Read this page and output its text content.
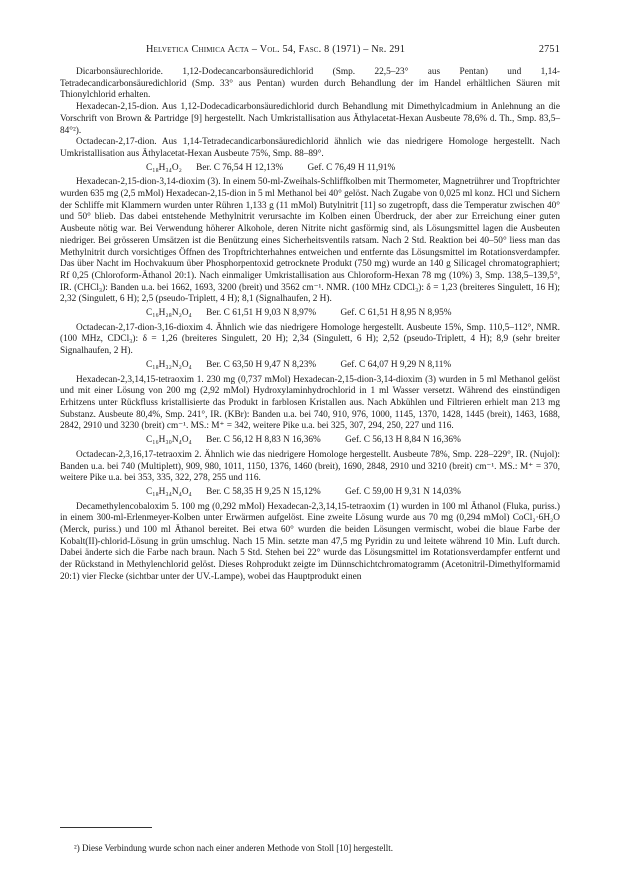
Helvetica Chimica Acta – Vol. 54, Fasc. 8 (1971) – Nr. 291	2751

Dicarbonsäurechloride. 1,12-Dodecancarbonsäuredichlorid (Smp. 22,5–23° aus Pentan) und 1,14-Tetradecandicarbonsäuredichlorid (Smp. 33° aus Pentan) wurden durch Behandlung der im Handel erhältlichen Säuren mit Thionylchlorid erhalten.

Hexadecan-2,15-dion. Aus 1,12-Dodecadicarbonsäuredichlorid durch Behandlung mit Dimethylcadmium in Anlehnung an die Vorschrift von Brown & Partridge [9] hergestellt. Nach Umkristallisation aus Äthylacetat-Hexan Ausbeute 78,6% d. Th., Smp. 83,5–84°²).

Octadecan-2,17-dion. Aus 1,14-Tetradecandicarbonsäuredichlorid ähnlich wie das niedrigere Homologe hergestellt. Nach Umkristallisation aus Äthylacetat-Hexan Ausbeute 75%, Smp. 88–89°.

C₁₈H₃₄O₂ Ber. C 76,54 H 12,13%	Gef. C 76,49 H 11,91%

Hexadecan-2,15-dion-3,14-dioxim (3). In einem 50-ml-Zweihals-Schliffkolben mit Thermometer, Magnetrührer und Tropftrichter wurden 635 mg (2,5 mMol) Hexadecan-2,15-dion in 5 ml Methanol bei 40° gelöst. Nach Zugabe von 0,025 ml konz. HCl und Sichern der Schliffe mit Klammern wurden unter Rühren 1,133 g (11 mMol) Butylnitrit [11] so zugetropft, dass die Temperatur zwischen 40° und 50° blieb. Das dabei entstehende Methylnitrit verursachte im Kolben einen Überdruck, der aber zur Erreichung einer guten Ausbeute nötig war. Bei Verwendung höherer Alkohole, deren Nitrite nicht gasförmig sind, als Lösungsmittel lagen die Ausbeuten niedriger. Bei grösseren Umsätzen ist die Benützung eines Sicherheitsventils ratsam. Nach 2 Std. Reaktion bei 40–50° liess man das Methylnitrit durch vorsichtiges Öffnen des Tropftrichterhahnes entweichen und entfernte das Lösungsmittel im Rotationsverdampfer. Das über Nacht im Hochvakuum über Phosphorpentoxid getrocknete Produkt (750 mg) wurde an 140 g Silicagel chromatographiert; Rf 0,25 (Chloroform-Äthanol 20:1). Nach einmaliger Umkristallisation aus Chloroform-Hexan 78 mg (10%) 3, Smp. 138,5–139,5°, IR. (CHCl₃): Banden u.a. bei 1662, 1693, 3200 (breit) und 3562 cm⁻¹. NMR. (100 MHz CDCl₃): δ = 1,23 (breiteres Singulett, 16 H); 2,32 (Singulett, 6 H); 2,5 (pseudo-Triplett, 4 H); 8,1 (Signalhaufen, 2 H).

C₁₆H₂₈N₂O₄ Ber. C 61,51 H 9,03 N 8,97%	Gef. C 61,51 H 8,95 N 8,95%

Octadecan-2,17-dion-3,16-dioxim 4. Ähnlich wie das niedrigere Homologe hergestellt. Ausbeute 15%, Smp. 110,5–112°, NMR. (100 MHz, CDCl₃): δ = 1,26 (breiteres Singulett, 20 H); 2,34 (Singulett, 6 H); 2,52 (pseudo-Triplett, 4 H); 8,9 (sehr breiter Signalhaufen, 2 H).

C₁₈H₃₂N₂O₄ Ber. C 63,50 H 9,47 N 8,23%	Gef. C 64,07 H 9,29 N 8,11%

Hexadecan-2,3,14,15-tetraoxim 1. 230 mg (0,737 mMol) Hexadecan-2,15-dion-3,14-dioxim (3) wurden in 5 ml Methanol gelöst und mit einer Lösung von 200 mg (2,92 mMol) Hydroxylaminhydrochlorid in 1 ml Wasser versetzt. Während des einstündigen Erhitzens unter Rückfluss kristallisierte das Produkt in farblosen Kristallen aus. Nach Abkühlen und Filtrieren erhielt man 213 mg Substanz. Ausbeute 80,4%, Smp. 241°, IR. (KBr): Banden u.a. bei 740, 910, 976, 1000, 1145, 1370, 1428, 1445 (breit), 1463, 1688, 2842, 2910 und 3230 (breit) cm⁻¹. MS.: M⁺ = 342, weitere Pike u.a. bei 325, 307, 294, 250, 227 und 116.

C₁₆H₃₀N₄O₄ Ber. C 56,12 H 8,83 N 16,36%	Gef. C 56,13 H 8,84 N 16,36%

Octadecan-2,3,16,17-tetraoxim 2. Ähnlich wie das niedrigere Homologe hergestellt. Ausbeute 78%, Smp. 228–229°, IR. (Nujol): Banden u.a. bei 740 (Multiplett), 909, 980, 1011, 1150, 1376, 1460 (breit), 1690, 2848, 2910 und 3210 (breit) cm⁻¹. MS.: M⁺ = 370, weitere Pike u.a. bei 353, 335, 322, 278, 255 und 116.

C₁₈H₃₄N₄O₄ Ber. C 58,35 H 9,25 N 15,12%	Gef. C 59,00 H 9,31 N 14,03%

Decamethylencobaloxim 5. 100 mg (0,292 mMol) Hexadecan-2,3,14,15-tetraoxim (1) wurden in 100 ml Äthanol (Fluka, puriss.) in einem 300-ml-Erlenmeyer-Kolben unter Erwärmen aufgelöst. Eine zweite Lösung wurde aus 70 mg (0,294 mMol) CoCl₂·6H₂O (Merck, puriss.) und 100 ml Äthanol bereitet. Bei etwa 60° wurden die beiden Lösungen vermischt, wobei die blaue Farbe der Kobalt(II)-chlorid-Lösung in grün umschlug. Nach 15 Min. setzte man 47,5 mg Pyridin zu und leitete während 10 Min. Luft durch. Dabei änderte sich die Farbe nach braun. Nach 5 Std. Stehen bei 22° wurde das Lösungsmittel im Rotationsverdampfer entfernt und der Rückstand in Methylenchlorid gelöst. Dieses Rohprodukt zeigte im Dünnschichtchromatogramm (Acetonitril-Dimethylformamid 20:1) vier Flecke (sichtbar unter der UV.-Lampe), wobei das Hauptprodukt einen

²) Diese Verbindung wurde schon nach einer anderen Methode von Stoll [10] hergestellt.
